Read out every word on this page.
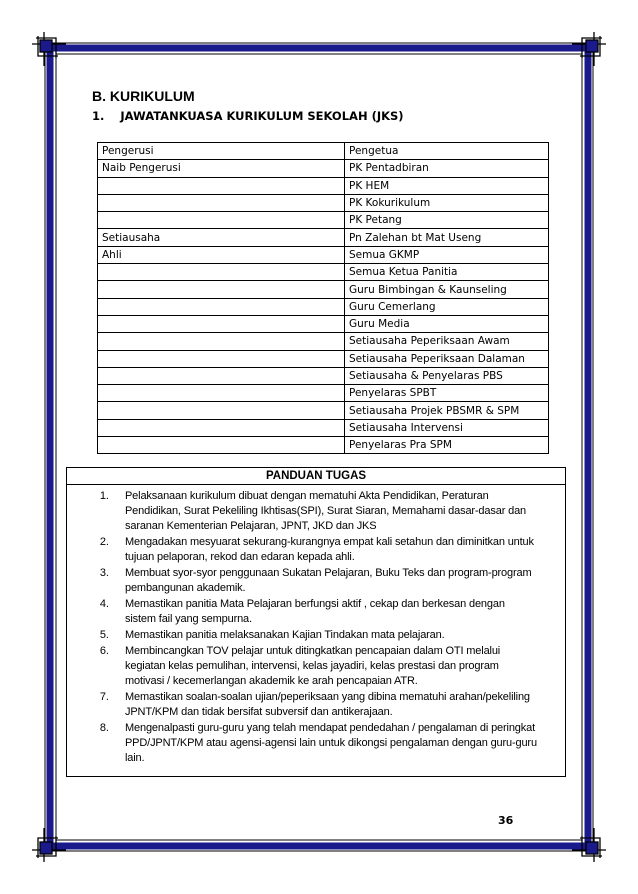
B. KURIKULUM
1. JAWATANKUASA KURIKULUM SEKOLAH (JKS)
Pengerusi	Pengetua
Naib Pengerusi	PK Pentadbiran
	PK HEM
	PK Kokurikulum
	PK Petang
Setiausaha	Pn Zalehan bt Mat Useng
Ahli	Semua GKMP
	Semua Ketua Panitia
	Guru Bimbingan & Kaunseling
	Guru Cemerlang
	Guru Media
	Setiausaha Peperiksaan Awam
	Setiausaha Peperiksaan Dalaman
	Setiausaha & Penyelaras PBS
	Penyelaras SPBT
	Setiausaha Projek PBSMR & SPM
	Setiausaha Intervensi
	Penyelaras Pra SPM
PANDUAN TUGAS
1.	Pelaksanaan kurikulum dibuat dengan mematuhi Akta Pendidikan, Peraturan
Pendidikan, Surat Pekeliling Ikhtisas(SPI), Surat Siaran, Memahami dasar-dasar dan
saranan Kementerian Pelajaran, JPNT, JKD dan JKS
2.	Mengadakan mesyuarat sekurang-kurangnya empat kali setahun dan diminitkan untuk
tujuan pelaporan, rekod dan edaran kepada ahli.
3.	Membuat syor-syor penggunaan Sukatan Pelajaran, Buku Teks dan program-program
pembangunan akademik.
4.	Memastikan panitia Mata Pelajaran berfungsi aktif , cekap dan berkesan dengan
sistem fail yang sempurna.
5.	Memastikan panitia melaksanakan Kajian Tindakan mata pelajaran.
6.	Membincangkan TOV pelajar untuk ditingkatkan pencapaian dalam OTI melalui
kegiatan kelas pemulihan, intervensi, kelas jayadiri, kelas prestasi dan program
motivasi / kecemerlangan akademik ke arah pencapaian ATR.
7.	Memastikan soalan-soalan ujian/peperiksaan yang dibina mematuhi arahan/pekeliling
JPNT/KPM dan tidak bersifat subversif dan antikerajaan.
8.	Mengenalpasti guru-guru yang telah mendapat pendedahan / pengalaman di peringkat
PPD/JPNT/KPM atau agensi-agensi lain untuk dikongsi pengalaman dengan guru-guru
lain.
36
